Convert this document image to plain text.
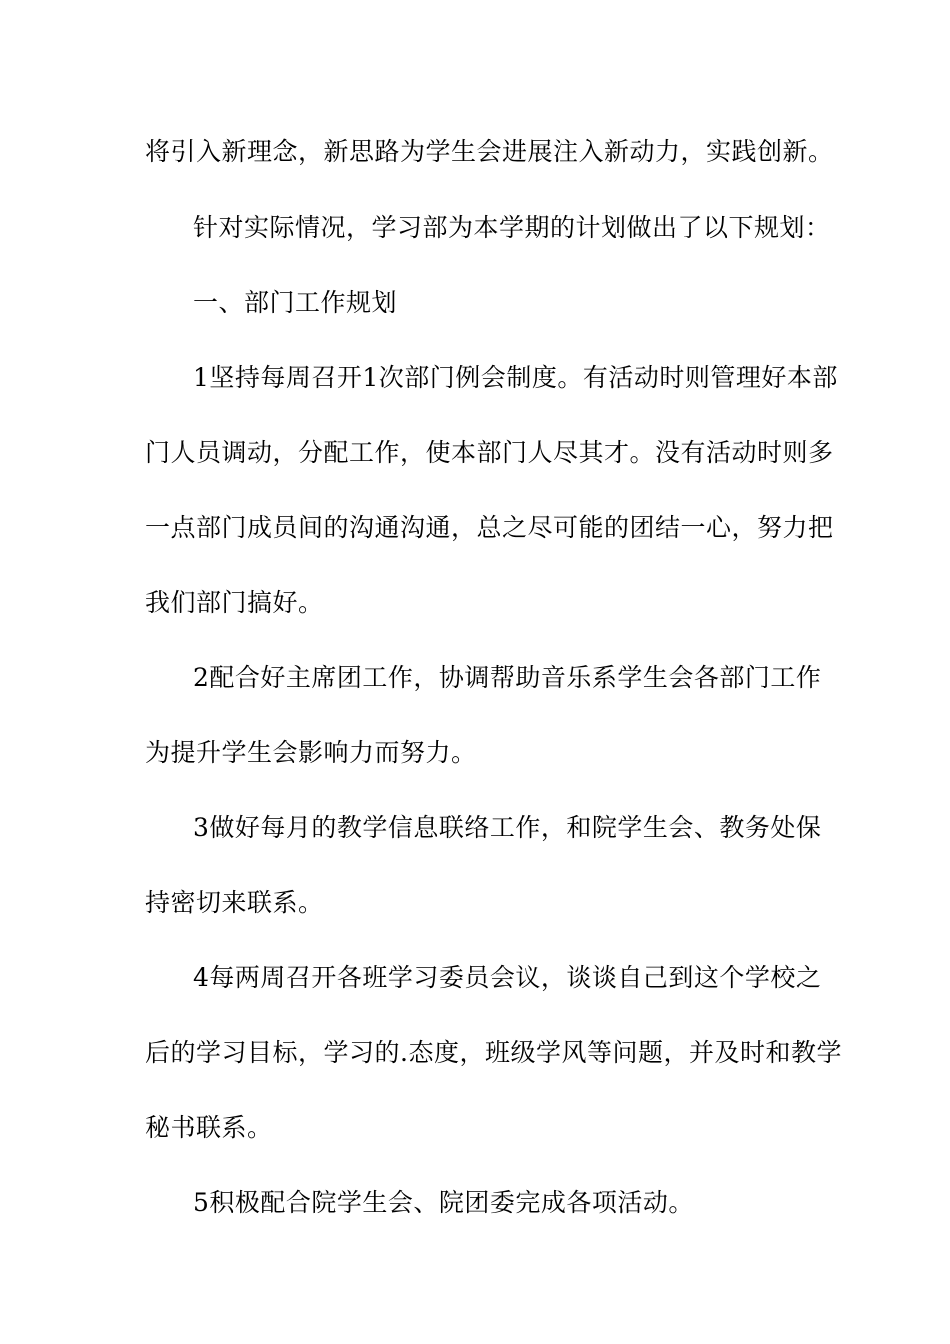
将引入新理念，新思路为学生会进展注入新动力，实践创新。
针对实际情况，学习部为本学期的计划做出了以下规划：
一、部门工作规划
1坚持每周召开1次部门例会制度。有活动时则管理好本部
门人员调动，分配工作，使本部门人尽其才。没有活动时则多
一点部门成员间的沟通沟通，总之尽可能的团结一心，努力把
我们部门搞好。
2配合好主席团工作，协调帮助音乐系学生会各部门工作
为提升学生会影响力而努力。
3做好每月的教学信息联络工作，和院学生会、教务处保
持密切来联系。
4每两周召开各班学习委员会议，谈谈自己到这个学校之
后的学习目标，学习的.态度，班级学风等问题，并及时和教学
秘书联系。
5积极配合院学生会、院团委完成各项活动。
